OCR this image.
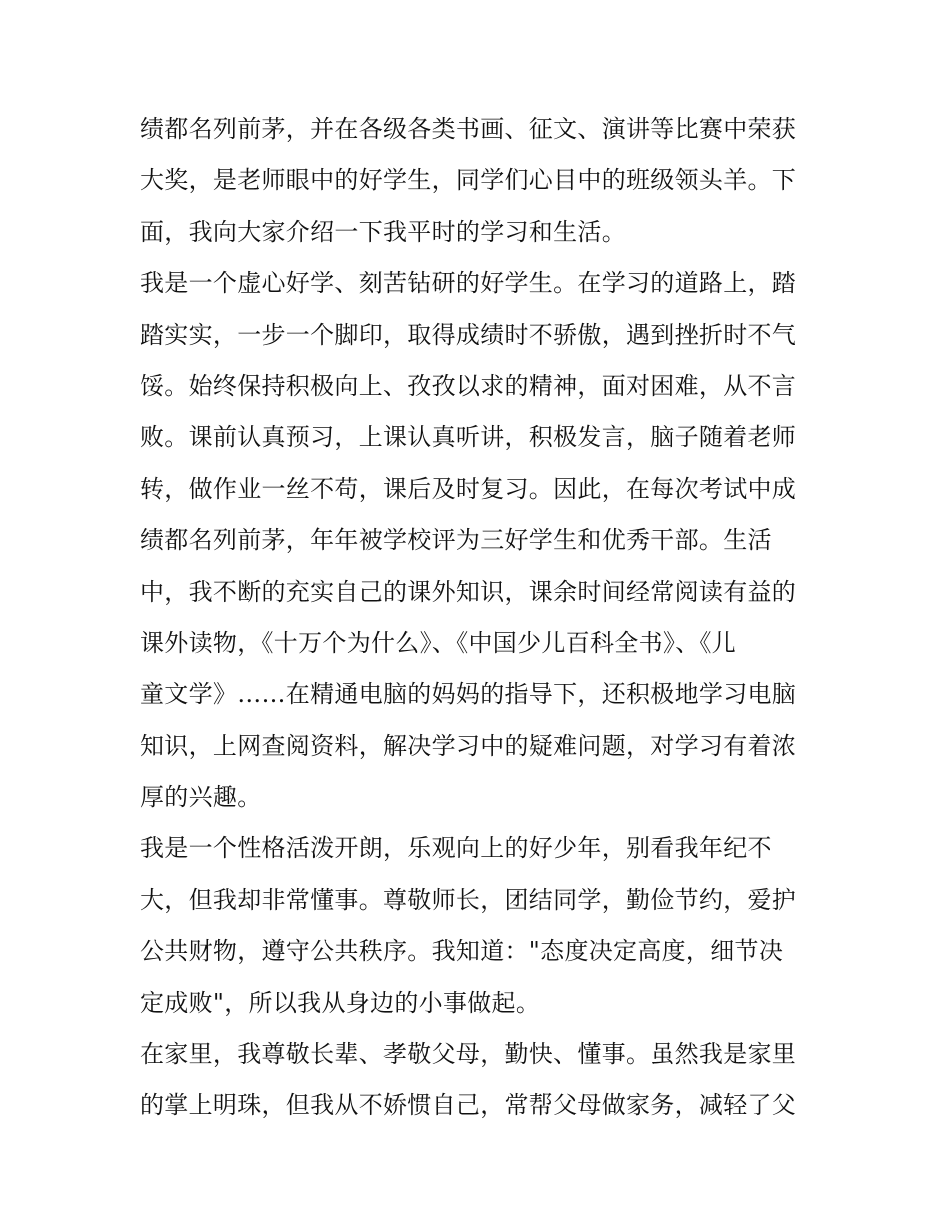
绩都名列前茅，并在各级各类书画、征文、演讲等比赛中荣获
大奖，是老师眼中的好学生，同学们心目中的班级领头羊。下
面，我向大家介绍一下我平时的学习和生活。
我是一个虚心好学、刻苦钻研的好学生。在学习的道路上，踏
踏实实，一步一个脚印，取得成绩时不骄傲，遇到挫折时不气
馁。始终保持积极向上、孜孜以求的精神，面对困难，从不言
败。课前认真预习，上课认真听讲，积极发言，脑子随着老师
转，做作业一丝不苟，课后及时复习。因此，在每次考试中成
绩都名列前茅，年年被学校评为三好学生和优秀干部。生活
中，我不断的充实自己的课外知识，课余时间经常阅读有益的
课外读物，《十万个为什么》、《中国少儿百科全书》、《儿
童文学》……在精通电脑的妈妈的指导下，还积极地学习电脑
知识，上网查阅资料，解决学习中的疑难问题，对学习有着浓
厚的兴趣。
我是一个性格活泼开朗，乐观向上的好少年，别看我年纪不
大，但我却非常懂事。尊敬师长，团结同学，勤俭节约，爱护
公共财物，遵守公共秩序。我知道："态度决定高度，细节决
定成败"，所以我从身边的小事做起。
在家里，我尊敬长辈、孝敬父母，勤快、懂事。虽然我是家里
的掌上明珠，但我从不娇惯自己，常帮父母做家务，减轻了父
